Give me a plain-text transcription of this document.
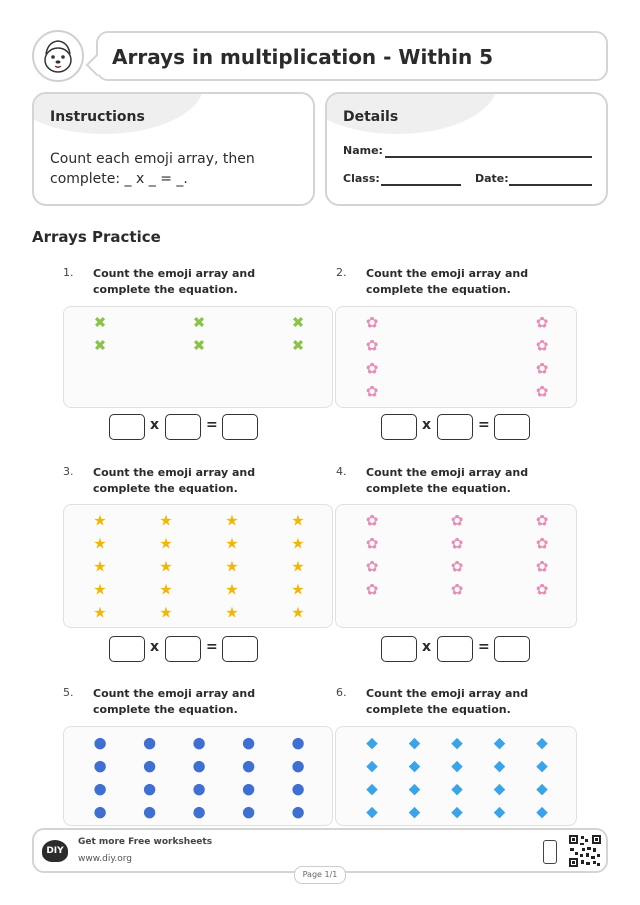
Arrays in multiplication - Within 5
Instructions
Count each emoji array, then complete: _ x _ = _.
Details
Name:
Class:	Date:
Arrays Practice
1. Count the emoji array and complete the equation.
✖	✖	✖
✖	✖	✖
x	=
2. Count the emoji array and complete the equation.
✿	✿
✿	✿
✿	✿
✿	✿
x	=
3. Count the emoji array and complete the equation.
★	★	★	★
★	★	★	★
★	★	★	★
★	★	★	★
★	★	★	★
x	=
4. Count the emoji array and complete the equation.
✿	✿	✿
✿	✿	✿
✿	✿	✿
✿	✿	✿
x	=
5. Count the emoji array and complete the equation.
● ● ● ● ●
● ● ● ● ●
● ● ● ● ●
● ● ● ● ●
6. Count the emoji array and complete the equation.
◆ ◆ ◆ ◆ ◆
◆ ◆ ◆ ◆ ◆
◆ ◆ ◆ ◆ ◆
◆ ◆ ◆ ◆ ◆
DIY
Get more Free worksheets
www.diy.org
Page 1/1
